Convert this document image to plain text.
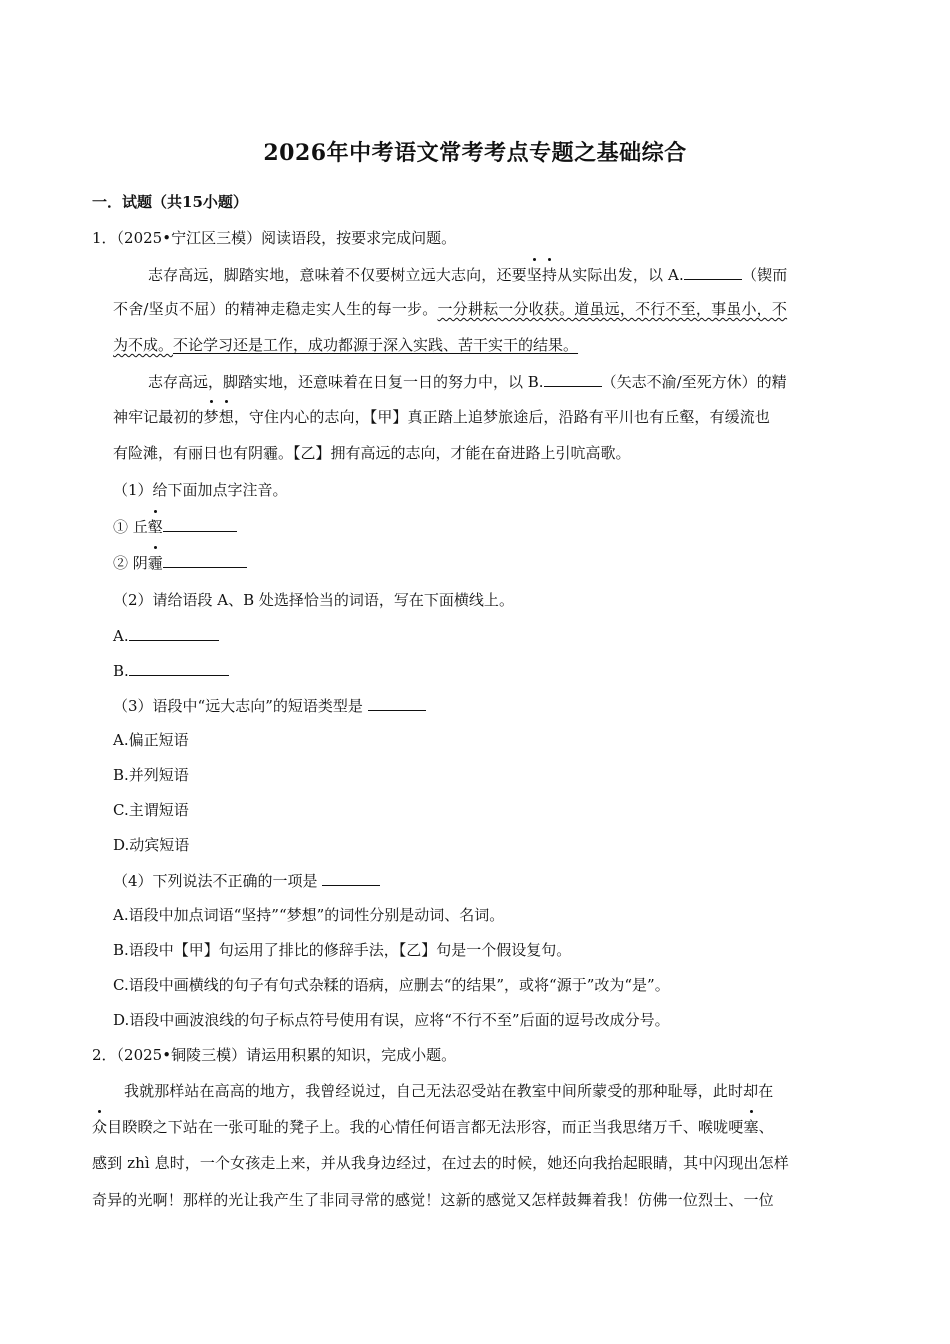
2026年中考语文常考考点专题之基础综合
一．试题（共15小题）
1．（2025•宁江区三模）阅读语段，按要求完成问题。
志存高远，脚踏实地，意味着不仅要树立远大志向，还要坚持从实际出发，以 A.	（锲而
不舍/坚贞不屈）的精神走稳走实人生的每一步。一分耕耘一分收获。道虽远，不行不至，事虽小，不
为不成。不论学习还是工作，成功都源于深入实践、苦干实干的结果。
志存高远，脚踏实地，还意味着在日复一日的努力中，以 B.	（矢志不渝/至死方休）的精
神牢记最初的梦想，守住内心的志向，【甲】真正踏上追梦旅途后，沿路有平川也有丘壑，有缓流也
有险滩，有丽日也有阴霾。【乙】拥有高远的志向，才能在奋进路上引吭高歌。
（1）给下面加点字注音。
① 丘壑
② 阴霾
（2）请给语段 A、B 处选择恰当的词语，写在下面横线上。
A.
B.
（3）语段中“远大志向”的短语类型是
A.偏正短语
B.并列短语
C.主谓短语
D.动宾短语
（4）下列说法不正确的一项是
A.语段中加点词语“坚持”“梦想”的词性分别是动词、名词。
B.语段中【甲】句运用了排比的修辞手法，【乙】句是一个假设复句。
C.语段中画横线的句子有句式杂糅的语病，应删去“的结果”，或将“源于”改为“是”。
D.语段中画波浪线的句子标点符号使用有误，应将“不行不至”后面的逗号改成分号。
2．（2025•铜陵三模）请运用积累的知识，完成小题。
我就那样站在高高的地方，我曾经说过，自己无法忍受站在教室中间所蒙受的那种耻辱，此时却在
众目睽睽之下站在一张可耻的凳子上。我的心情任何语言都无法形容，而正当我思绪万千、喉咙哽塞、
感到 zhì 息时，一个女孩走上来，并从我身边经过，在过去的时候，她还向我抬起眼睛，其中闪现出怎样
奇异的光啊！那样的光让我产生了非同寻常的感觉！这新的感觉又怎样鼓舞着我！仿佛一位烈士、一位
